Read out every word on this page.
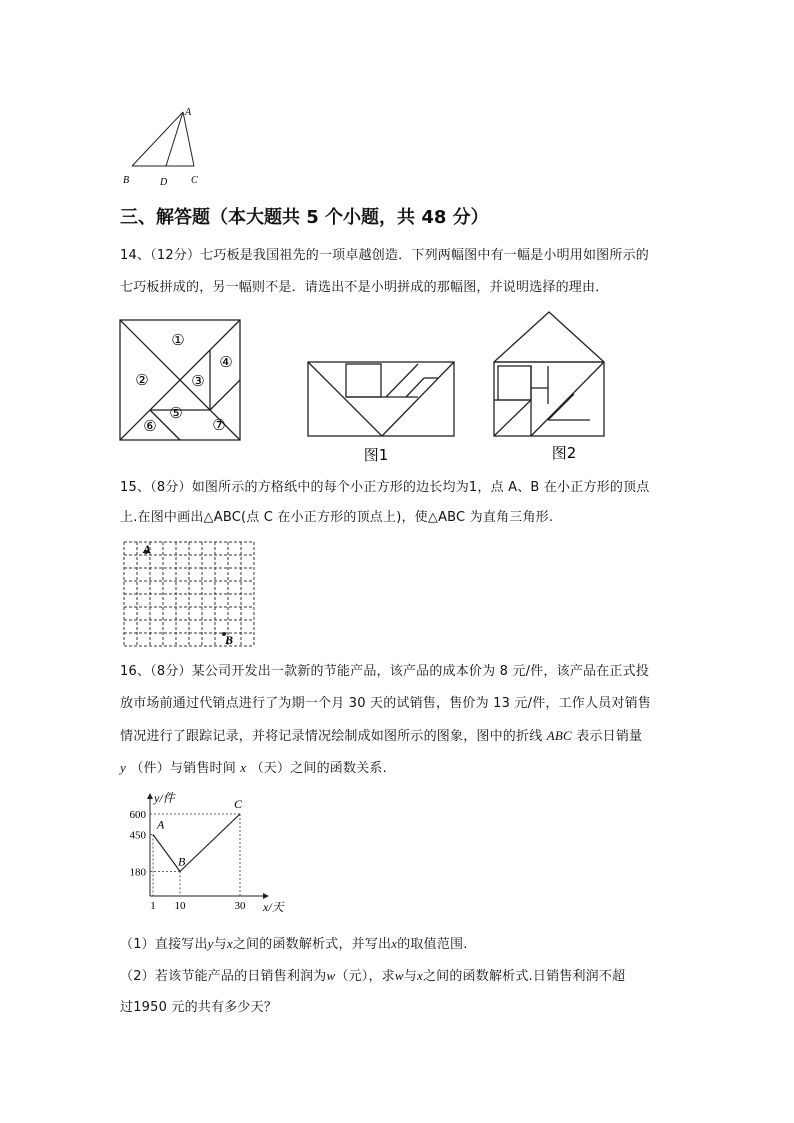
A
B	D C
三、解答题（本大题共 5 个小题，共 48 分）
14、（12分）七巧板是我国祖先的一项卓越创造．下列两幅图中有一幅是小明用如图所示的
七巧板拼成的，另一幅则不是．请选出不是小明拼成的那幅图，并说明选择的理由．
①
②	③
④
⑤
⑥	⑦
图1	图2
15、（8分）如图所示的方格纸中的每个小正方形的边长均为1，点 A、B 在小正方形的顶点
上.在图中画出△ABC(点 C 在小正方形的顶点上)，使△ABC 为直角三角形.
A
B
16、（8分）某公司开发出一款新的节能产品，该产品的成本价为 8 元/件，该产品在正式投
放市场前通过代销点进行了为期一个月 30 天的试销售，售价为 13 元/件，工作人员对销售
情况进行了跟踪记录，并将记录情况绘制成如图所示的图象，图中的折线 ABC 表示日销量
y （件）与销售时间 x （天）之间的函数关系.
A
B
C
1 10	30
600
450
180
y/件
x/天
（1）直接写出y与x之间的函数解析式，并写出x的取值范围.
（2）若该节能产品的日销售利润为w（元），求w与x之间的函数解析式.日销售利润不超
过1950 元的共有多少天？
